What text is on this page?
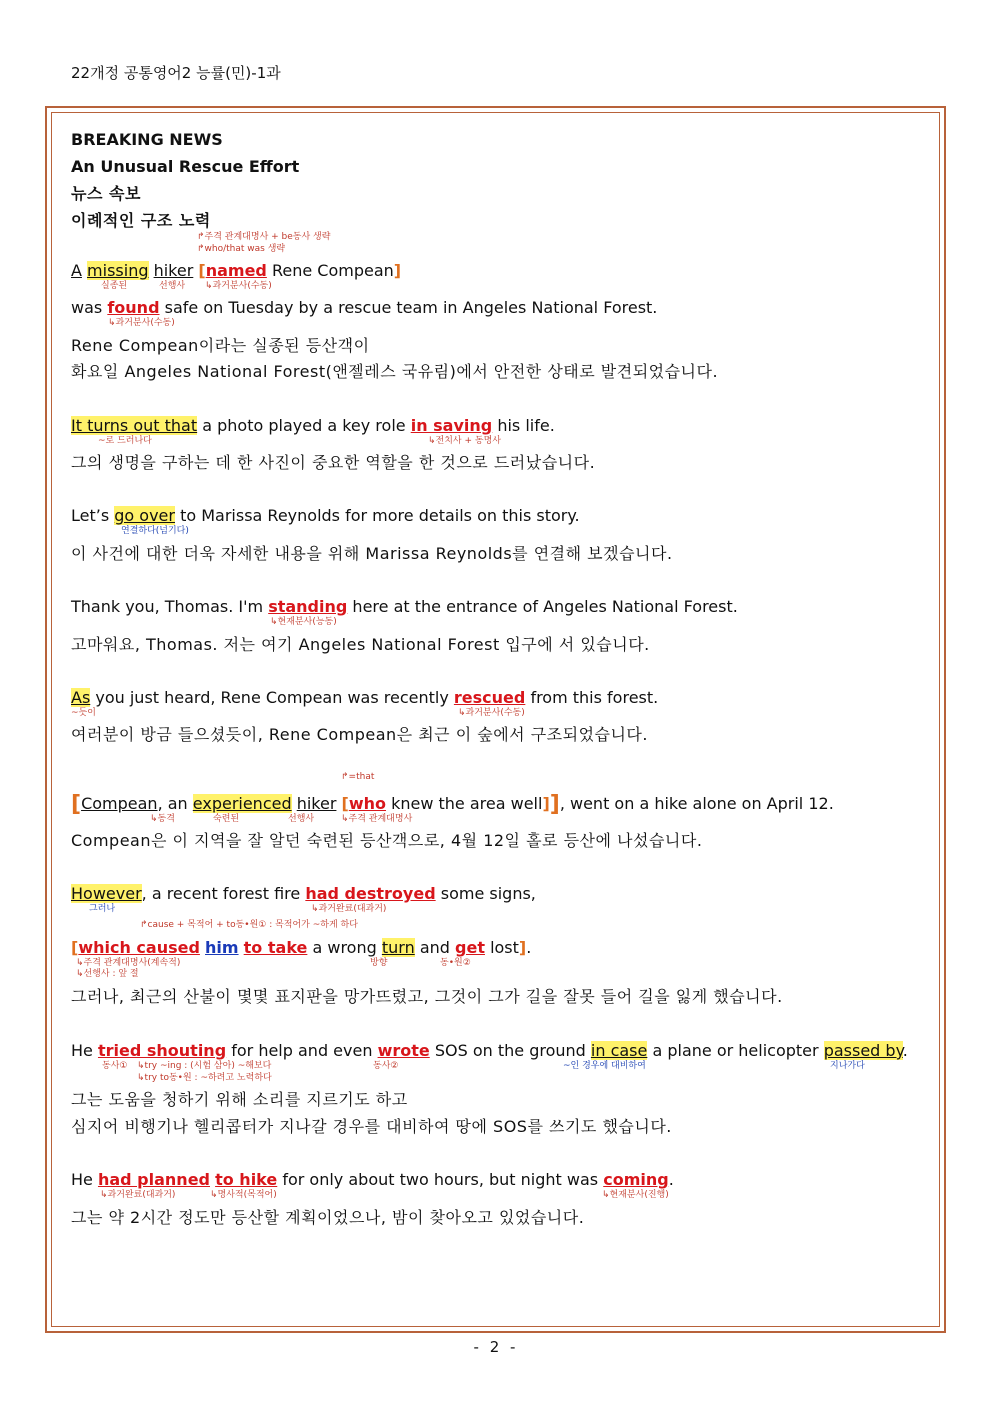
22개정 공통영어2 능률(민)-1과
BREAKING NEWS
An Unusual Rescue Effort
뉴스 속보
이례적인 구조 노력
↱주격 관계대명사 + be동사 생략
↱who/that was 생략
A missing hiker [named Rene Compean]
실종된	선행사 ↳과거분사(수동)
was found safe on Tuesday by a rescue team in Angeles National Forest.
↳과거분사(수동)
Rene Compean이라는 실종된 등산객이
화요일 Angeles National Forest(앤젤레스 국유림)에서 안전한 상태로 발견되었습니다.
It turns out that a photo played a key role in saving his life.
~로 드러나다	↳전치사 + 동명사
그의 생명을 구하는 데 한 사진이 중요한 역할을 한 것으로 드러났습니다.
Let’s go over to Marissa Reynolds for more details on this story.
연결하다(넘기다)
이 사건에 대한 더욱 자세한 내용을 위해 Marissa Reynolds를 연결해 보겠습니다.
Thank you, Thomas. I'm standing here at the entrance of Angeles National Forest.
↳현재분사(능동)
고마워요, Thomas. 저는 여기 Angeles National Forest 입구에 서 있습니다.
As you just heard, Rene Compean was recently rescued from this forest.
~듯이	↳과거분사(수동)
여러분이 방금 들으셨듯이, Rene Compean은 최근 이 숲에서 구조되었습니다.
↱=that
[Compean, an experienced hiker [who knew the area well]], went on a hike alone on April 12.
↳동격	숙련된	선행사	↳주격 관계대명사
Compean은 이 지역을 잘 알던 숙련된 등산객으로, 4월 12일 홀로 등산에 나섰습니다.
However, a recent forest fire had destroyed some signs,
그러나	↳과거완료(대과거)
↱cause + 목적어 + to동•원① : 목적어가 ~하게 하다
[which caused him to take a wrong turn and get lost].
↳주격 관계대명사(계속적)
↳선행사 : 앞 절
방향	동•원②
그러나, 최근의 산불이 몇몇 표지판을 망가뜨렸고, 그것이 그가 길을 잘못 들어 길을 잃게 했습니다.
He tried shouting for help and even wrote SOS on the ground in case a plane or helicopter passed by.
동사① ↳try ~ing : (시험 삼아) ~해보다
↳try to동•원 : ~하려고 노력하다
동사②	~인 경우에 대비하여	지나가다
그는 도움을 청하기 위해 소리를 지르기도 하고
심지어 비행기나 헬리콥터가 지나갈 경우를 대비하여 땅에 SOS를 쓰기도 했습니다.
He had planned to hike for only about two hours, but night was coming.
↳과거완료(대과거)	↳명사적(목적어)	↳현재분사(진행)
그는 약 2시간 정도만 등산할 계획이었으나, 밤이 찾아오고 있었습니다.
- 2 -
